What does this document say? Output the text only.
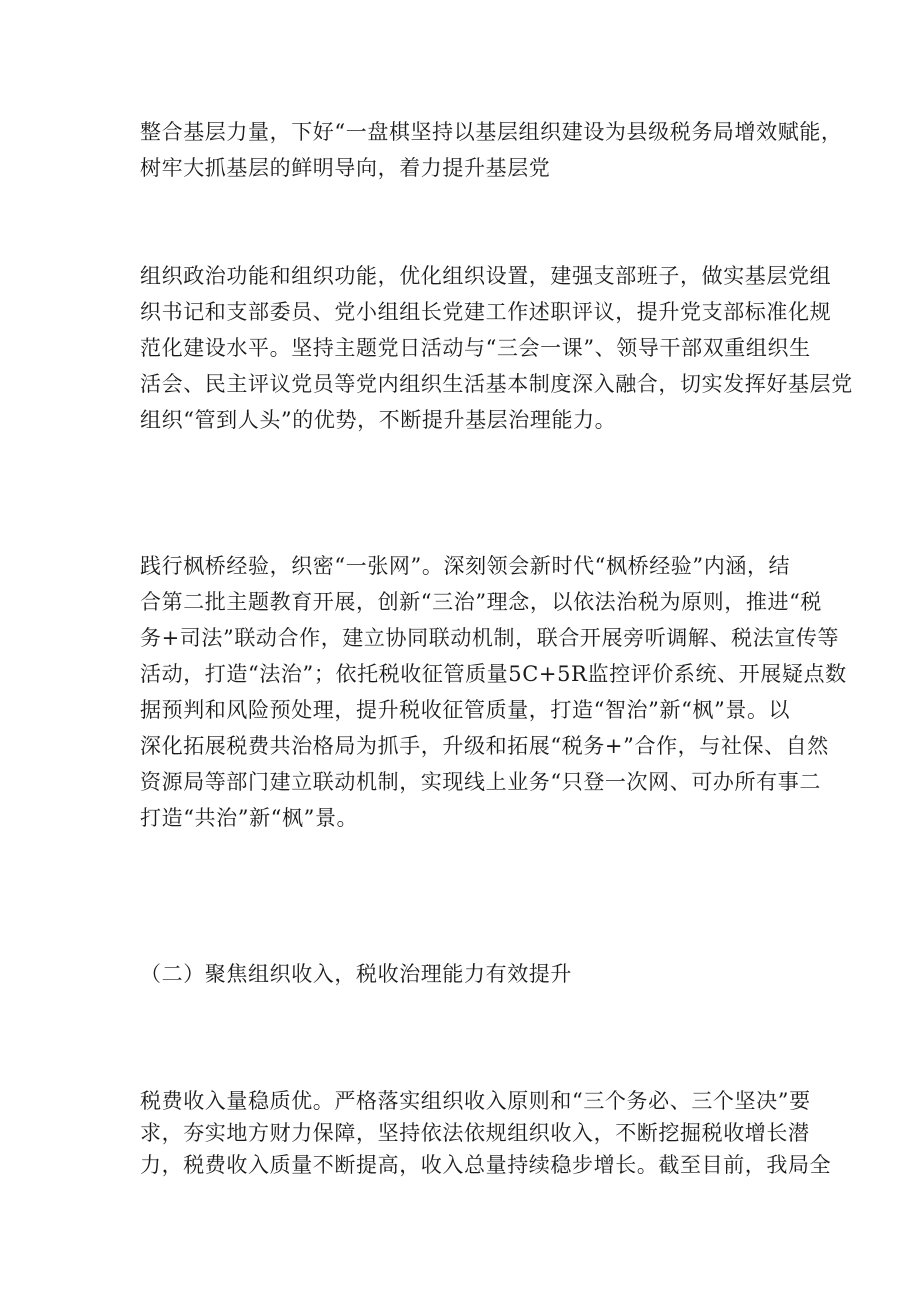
整合基层力量，下好“一盘棋坚持以基层组织建设为县级税务局增效赋能，
树牢大抓基层的鲜明导向，着力提升基层党
组织政治功能和组织功能，优化组织设置，建强支部班子，做实基层党组
织书记和支部委员、党小组组长党建工作述职评议，提升党支部标准化规
范化建设水平。坚持主题党日活动与“三会一课”、领导干部双重组织生
活会、民主评议党员等党内组织生活基本制度深入融合，切实发挥好基层党
组织“管到人头”的优势，不断提升基层治理能力。
践行枫桥经验，织密“一张网”。深刻领会新时代“枫桥经验”内涵，结
合第二批主题教育开展，创新“三治”理念，以依法治税为原则，推进“税
务+司法”联动合作，建立协同联动机制，联合开展旁听调解、税法宣传等
活动，打造“法治”；依托税收征管质量5C+5R监控评价系统、开展疑点数
据预判和风险预处理，提升税收征管质量，打造“智治”新“枫”景。以
深化拓展税费共治格局为抓手，升级和拓展“税务+”合作，与社保、自然
资源局等部门建立联动机制，实现线上业务“只登一次网、可办所有事二
打造“共治”新“枫”景。
（二）聚焦组织收入，税收治理能力有效提升
税费收入量稳质优。严格落实组织收入原则和“三个务必、三个坚决”要
求，夯实地方财力保障，坚持依法依规组织收入，不断挖掘税收增长潜
力，税费收入质量不断提高，收入总量持续稳步增长。截至目前，我局全
